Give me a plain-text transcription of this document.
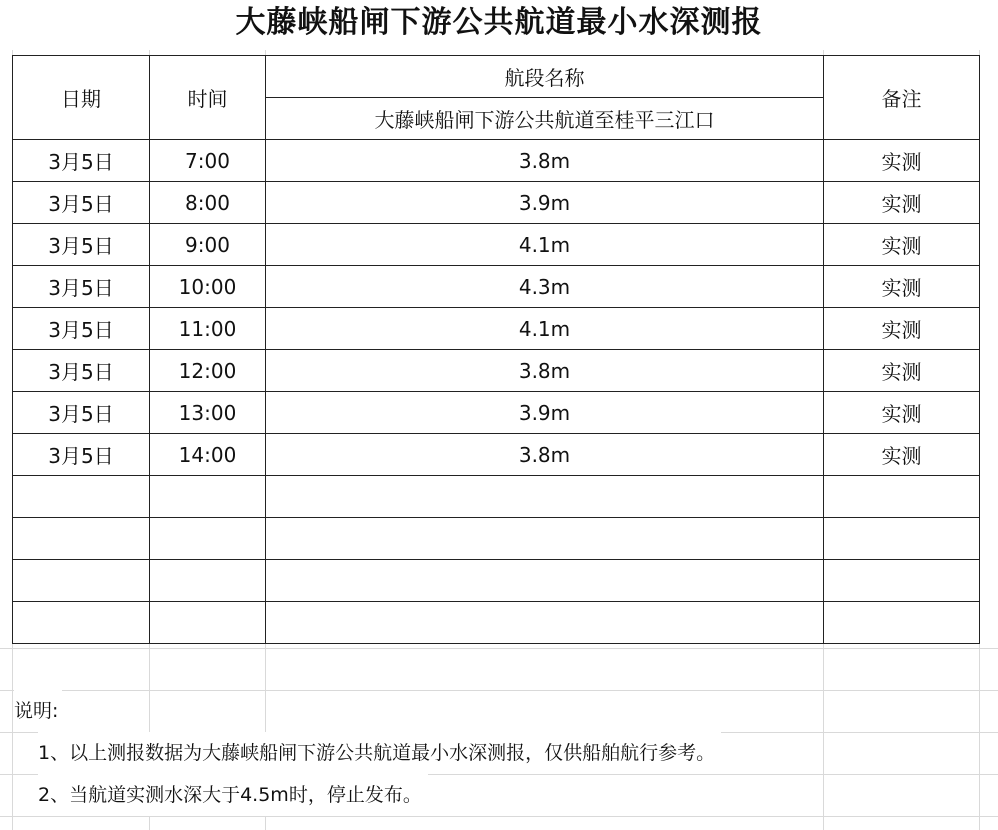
大藤峡船闸下游公共航道最小水深测报
日期	时间	航段名称	备注
		大藤峡船闸下游公共航道至桂平三江口	
3月5日	7:00	3.8m	实测
3月5日	8:00	3.9m	实测
3月5日	9:00	4.1m	实测
3月5日	10:00	4.3m	实测
3月5日	11:00	4.1m	实测
3月5日	12:00	3.8m	实测
3月5日	13:00	3.9m	实测
3月5日	14:00	3.8m	实测

说明:
1、以上测报数据为大藤峡船闸下游公共航道最小水深测报，仅供船舶航行参考。
2、当航道实测水深大于4.5m时，停止发布。
